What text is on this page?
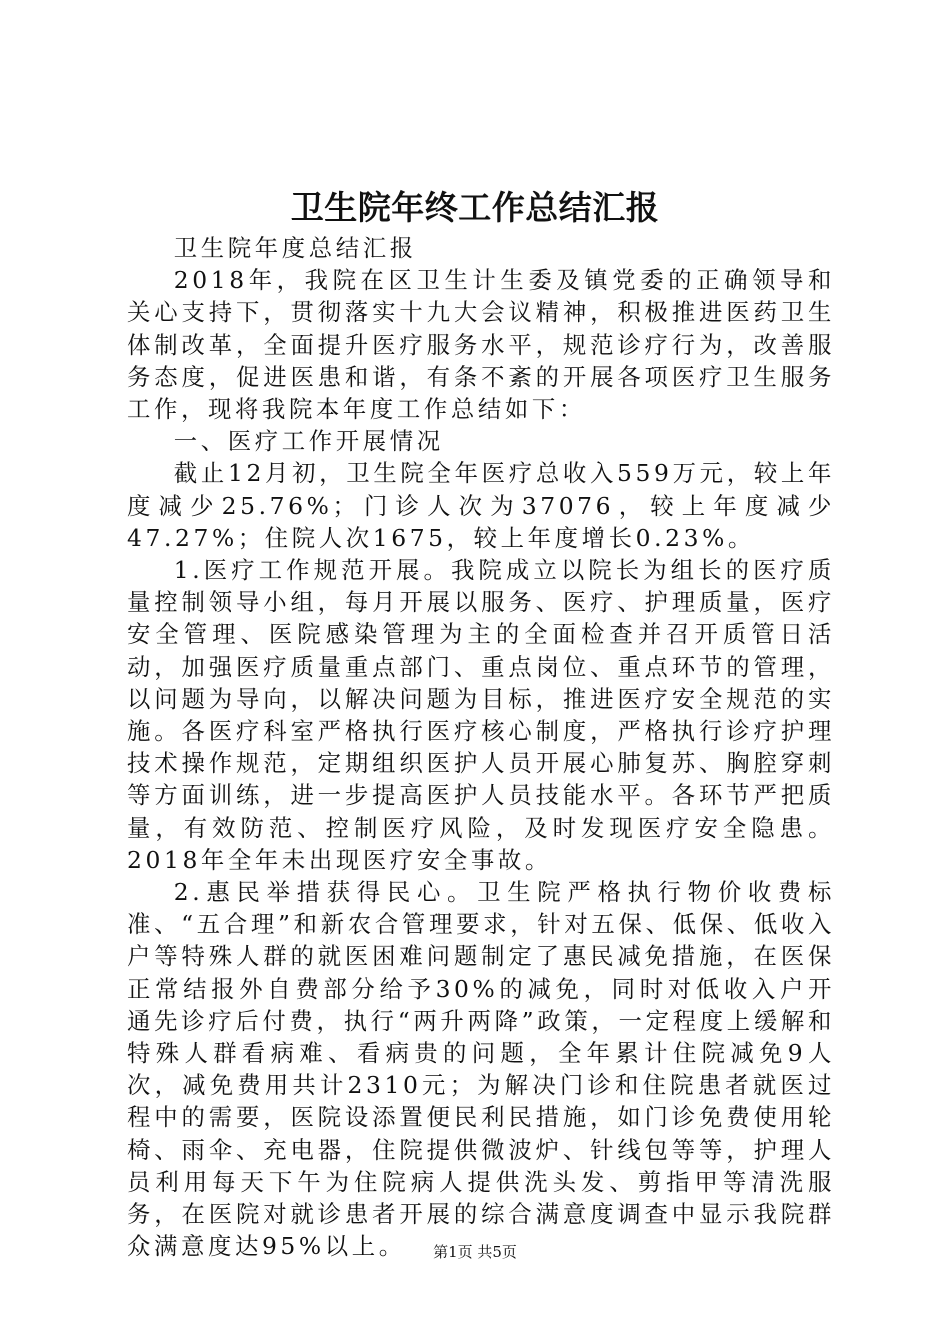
卫生院年终工作总结汇报

卫生院年度总结汇报

2018年，我院在区卫生计生委及镇党委的正确领导和关心支持下，贯彻落实十九大会议精神，积极推进医药卫生体制改革，全面提升医疗服务水平，规范诊疗行为，改善服务态度，促进医患和谐，有条不紊的开展各项医疗卫生服务工作，现将我院本年度工作总结如下：

一、医疗工作开展情况

截止12月初，卫生院全年医疗总收入559万元，较上年度减少25.76%；门诊人次为37076，较上年度减少47.27%；住院人次1675，较上年度增长0.23%。

1.医疗工作规范开展。我院成立以院长为组长的医疗质量控制领导小组，每月开展以服务、医疗、护理质量，医疗安全管理、医院感染管理为主的全面检查并召开质管日活动，加强医疗质量重点部门、重点岗位、重点环节的管理，以问题为导向，以解决问题为目标，推进医疗安全规范的实施。各医疗科室严格执行医疗核心制度，严格执行诊疗护理技术操作规范，定期组织医护人员开展心肺复苏、胸腔穿刺等方面训练，进一步提高医护人员技能水平。各环节严把质量，有效防范、控制医疗风险，及时发现医疗安全隐患。2018年全年未出现医疗安全事故。

2.惠民举措获得民心。卫生院严格执行物价收费标准、“五合理”和新农合管理要求，针对五保、低保、低收入户等特殊人群的就医困难问题制定了惠民减免措施，在医保正常结报外自费部分给予30%的减免，同时对低收入户开通先诊疗后付费，执行“两升两降”政策，一定程度上缓解和特殊人群看病难、看病贵的问题，全年累计住院减免9人次，减免费用共计2310元；为解决门诊和住院患者就医过程中的需要，医院设添置便民利民措施，如门诊免费使用轮椅、雨伞、充电器，住院提供微波炉、针线包等等，护理人员利用每天下午为住院病人提供洗头发、剪指甲等清洗服务，在医院对就诊患者开展的综合满意度调查中显示我院群众满意度达95%以上。	第1页 共5页
